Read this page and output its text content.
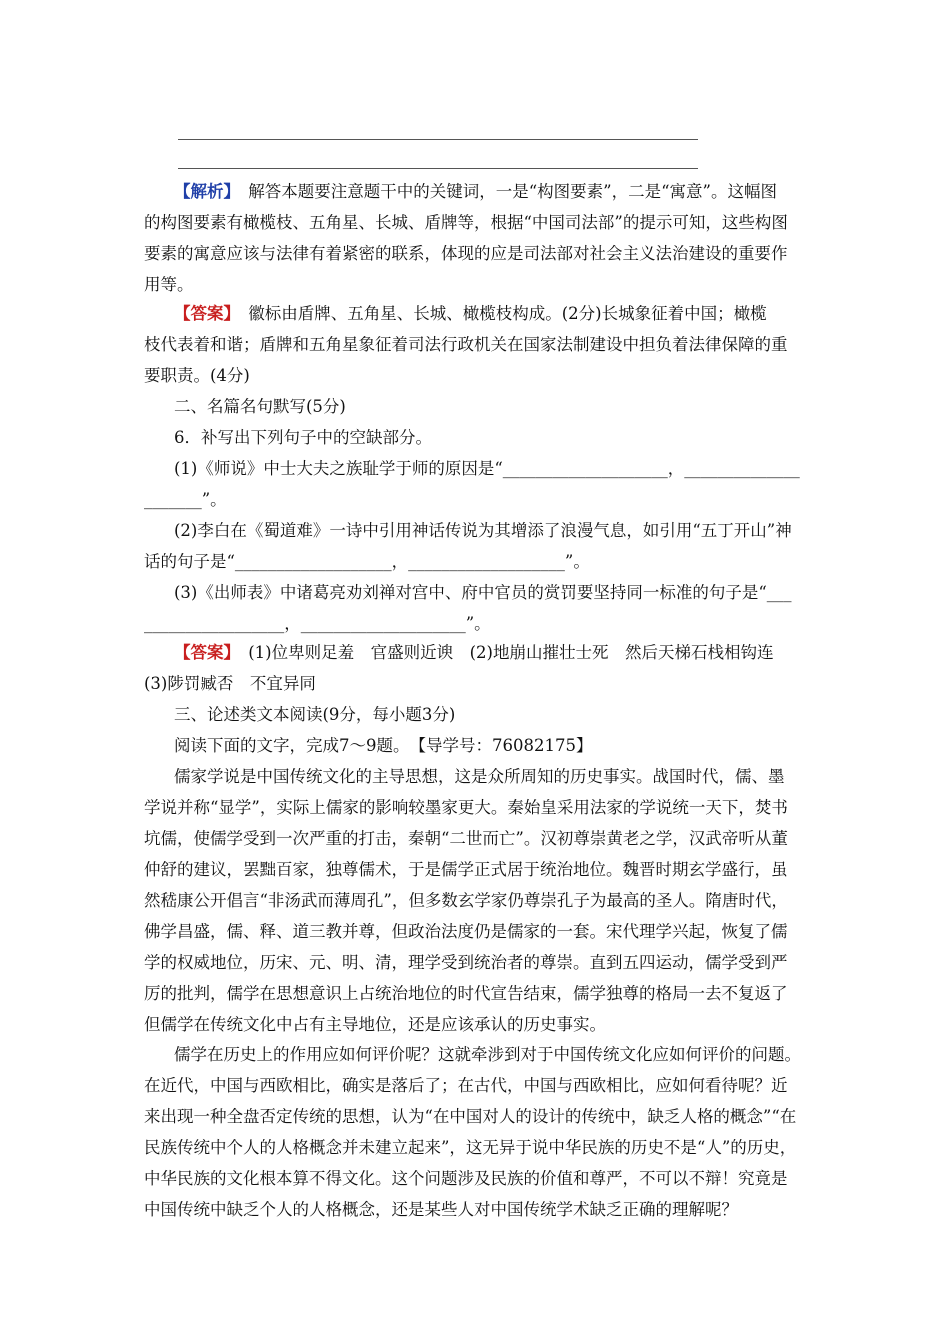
【解析】　 解答本题要注意题干中的关键词，一是“构图要素”，二是“寓意”。这幅图
的构图要素有橄榄枝、五角星、长城、盾牌等，根据“中国司法部”的提示可知，这些构图
要素的寓意应该与法律有着紧密的联系，体现的应是司法部对社会主义法治建设的重要作
用等。
【答案】　 徽标由盾牌、五角星、长城、橄榄枝构成。(2分)长城象征着中国；橄榄
枝代表着和谐；盾牌和五角星象征着司法行政机关在国家法制建设中担负着法律保障的重
要职责。(4分)
二、名篇名句默写(5分)
6．补写出下列句子中的空缺部分。
(1)《师说》中士大夫之族耻学于师的原因是“____________________，______________
_______”。
(2)李白在《蜀道难》一诗中引用神话传说为其增添了浪漫气息，如引用“五丁开山”神
话的句子是“___________________，___________________”。
(3)《出师表》中诸葛亮劝刘禅对宫中、府中官员的赏罚要坚持同一标准的句子是“___
_________________，____________________”。
【答案】　 (1)位卑则足羞　官盛则近谀　(2)地崩山摧壮士死　然后天梯石栈相钩连
(3)陟罚臧否　不宜异同
三、论述类文本阅读(9分，每小题3分)
阅读下面的文字，完成7～9题。　【导学号：76082175】
儒家学说是中国传统文化的主导思想，这是众所周知的历史事实。战国时代，儒、墨
学说并称“显学”，实际上儒家的影响较墨家更大。秦始皇采用法家的学说统一天下，焚书
坑儒，使儒学受到一次严重的打击，秦朝“二世而亡”。汉初尊崇黄老之学，汉武帝听从董
仲舒的建议，罢黜百家，独尊儒术，于是儒学正式居于统治地位。魏晋时期玄学盛行，虽
然嵇康公开倡言“非汤武而薄周孔”，但多数玄学家仍尊崇孔子为最高的圣人。隋唐时代，
佛学昌盛，儒、释、道三教并尊，但政治法度仍是儒家的一套。宋代理学兴起，恢复了儒
学的权威地位，历宋、元、明、清，理学受到统治者的尊崇。直到五四运动，儒学受到严
厉的批判，儒学在思想意识上占统治地位的时代宣告结束，儒学独尊的格局一去不复返了
但儒学在传统文化中占有主导地位，还是应该承认的历史事实。
儒学在历史上的作用应如何评价呢？这就牵涉到对于中国传统文化应如何评价的问题。
在近代，中国与西欧相比，确实是落后了；在古代，中国与西欧相比，应如何看待呢？近
来出现一种全盘否定传统的思想，认为“在中国对人的设计的传统中，缺乏人格的概念”“在
民族传统中个人的人格概念并未建立起来”，这无异于说中华民族的历史不是“人”的历史，
中华民族的文化根本算不得文化。这个问题涉及民族的价值和尊严，不可以不辩！究竟是
中国传统中缺乏个人的人格概念，还是某些人对中国传统学术缺乏正确的理解呢？
